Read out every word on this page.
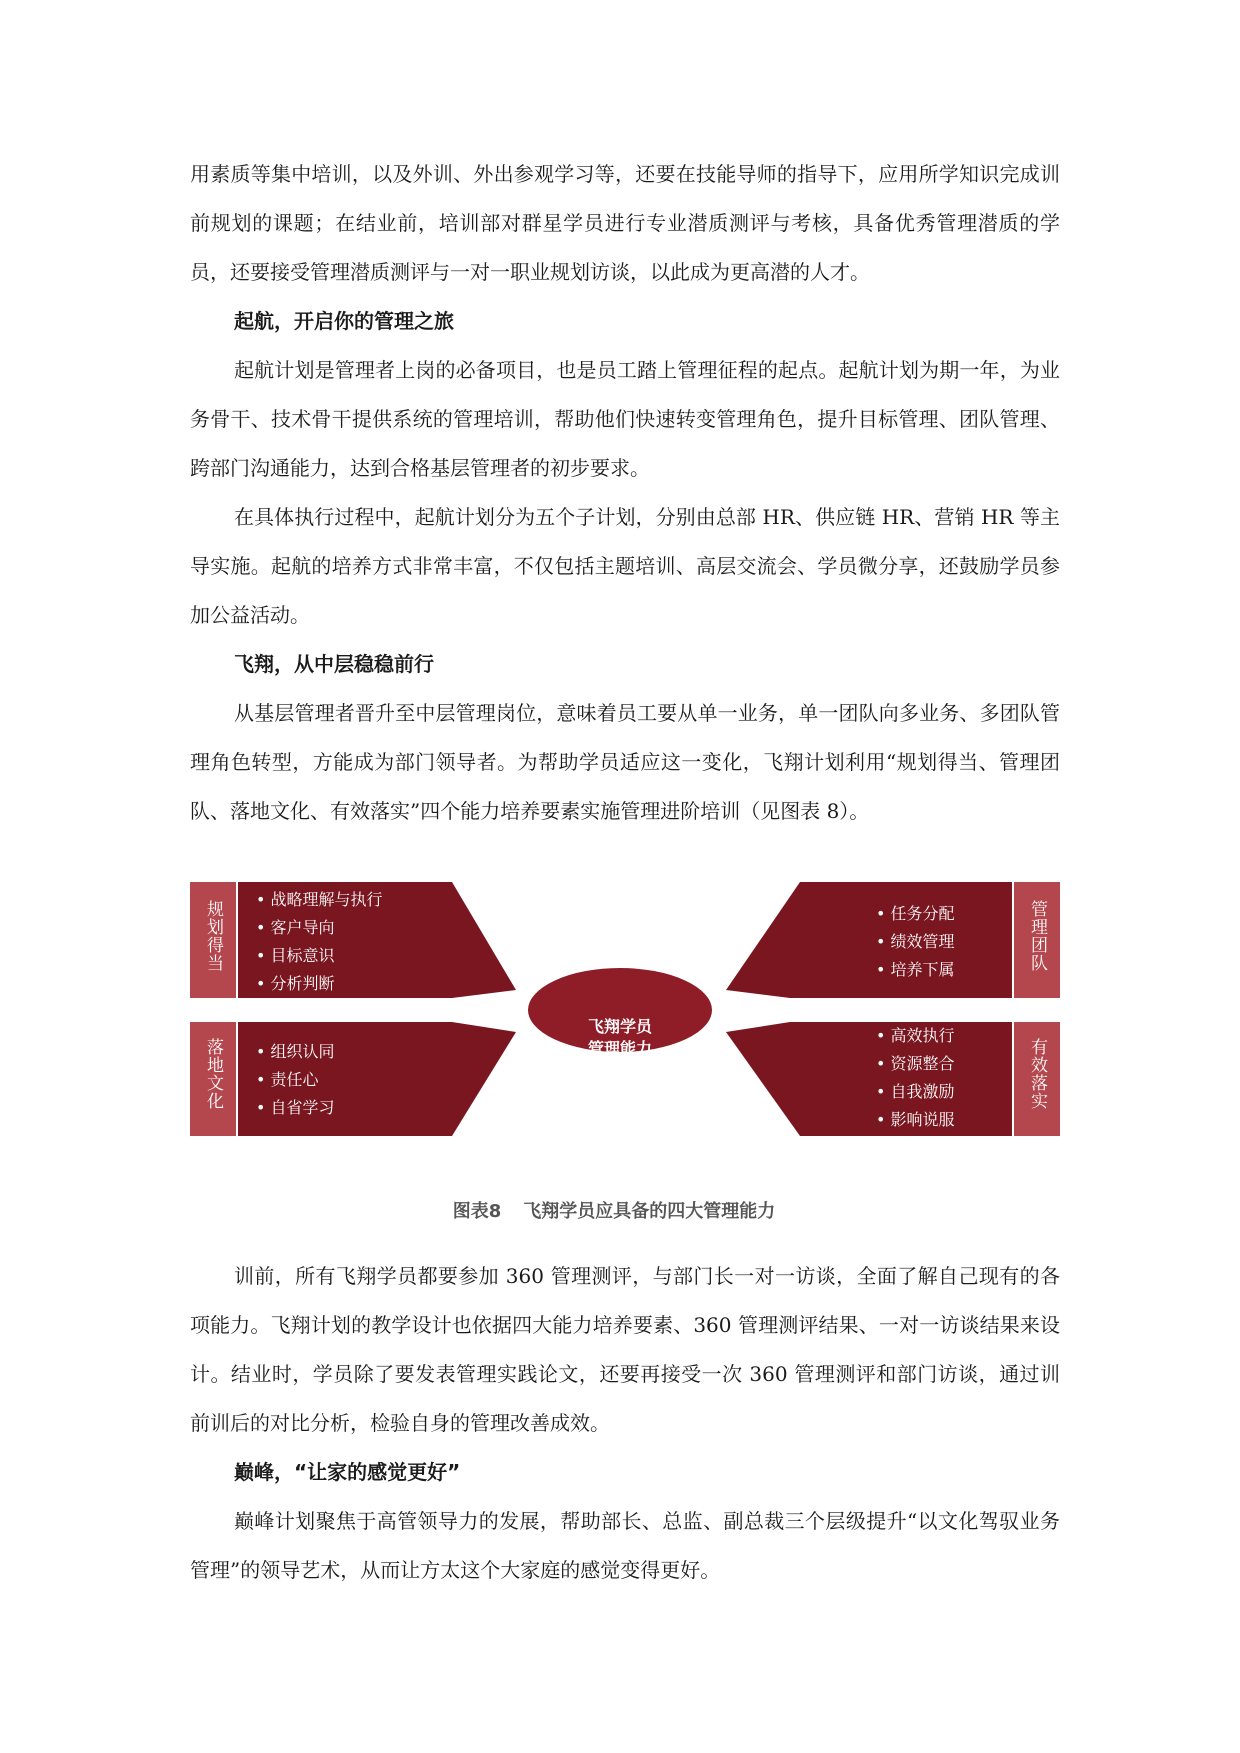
用素质等集中培训，以及外训、外出参观学习等，还要在技能导师的指导下，应用所学知识完成训前规划的课题；在结业前，培训部对群星学员进行专业潜质测评与考核，具备优秀管理潜质的学员，还要接受管理潜质测评与一对一职业规划访谈，以此成为更高潜的人才。

起航，开启你的管理之旅

起航计划是管理者上岗的必备项目，也是员工踏上管理征程的起点。起航计划为期一年，为业务骨干、技术骨干提供系统的管理培训，帮助他们快速转变管理角色，提升目标管理、团队管理、跨部门沟通能力，达到合格基层管理者的初步要求。

在具体执行过程中，起航计划分为五个子计划，分别由总部 HR、供应链 HR、营销 HR 等主导实施。起航的培养方式非常丰富，不仅包括主题培训、高层交流会、学员微分享，还鼓励学员参加公益活动。

飞翔，从中层稳稳前行

从基层管理者晋升至中层管理岗位，意味着员工要从单一业务，单一团队向多业务、多团队管理角色转型，方能成为部门领导者。为帮助学员适应这一变化，飞翔计划利用“规划得当、管理团队、落地文化、有效落实”四个能力培养要素实施管理进阶培训（见图表 8）。

规划得当	管理团队
落地文化	有效落实
• 战略理解与执行
• 客户导向
• 目标意识
• 分析判断
• 任务分配
• 绩效管理
• 培养下属
• 组织认同
• 责任心
• 自省学习
• 高效执行
• 资源整合
• 自我激励
• 影响说服
飞翔学员
管理能力
图表8 飞翔学员应具备的四大管理能力

训前，所有飞翔学员都要参加 360 管理测评，与部门长一对一访谈，全面了解自己现有的各项能力。飞翔计划的教学设计也依据四大能力培养要素、360 管理测评结果、一对一访谈结果来设计。结业时，学员除了要发表管理实践论文，还要再接受一次 360 管理测评和部门访谈，通过训前训后的对比分析，检验自身的管理改善成效。

巅峰，“让家的感觉更好”

巅峰计划聚焦于高管领导力的发展，帮助部长、总监、副总裁三个层级提升“以文化驾驭业务管理”的领导艺术，从而让方太这个大家庭的感觉变得更好。
